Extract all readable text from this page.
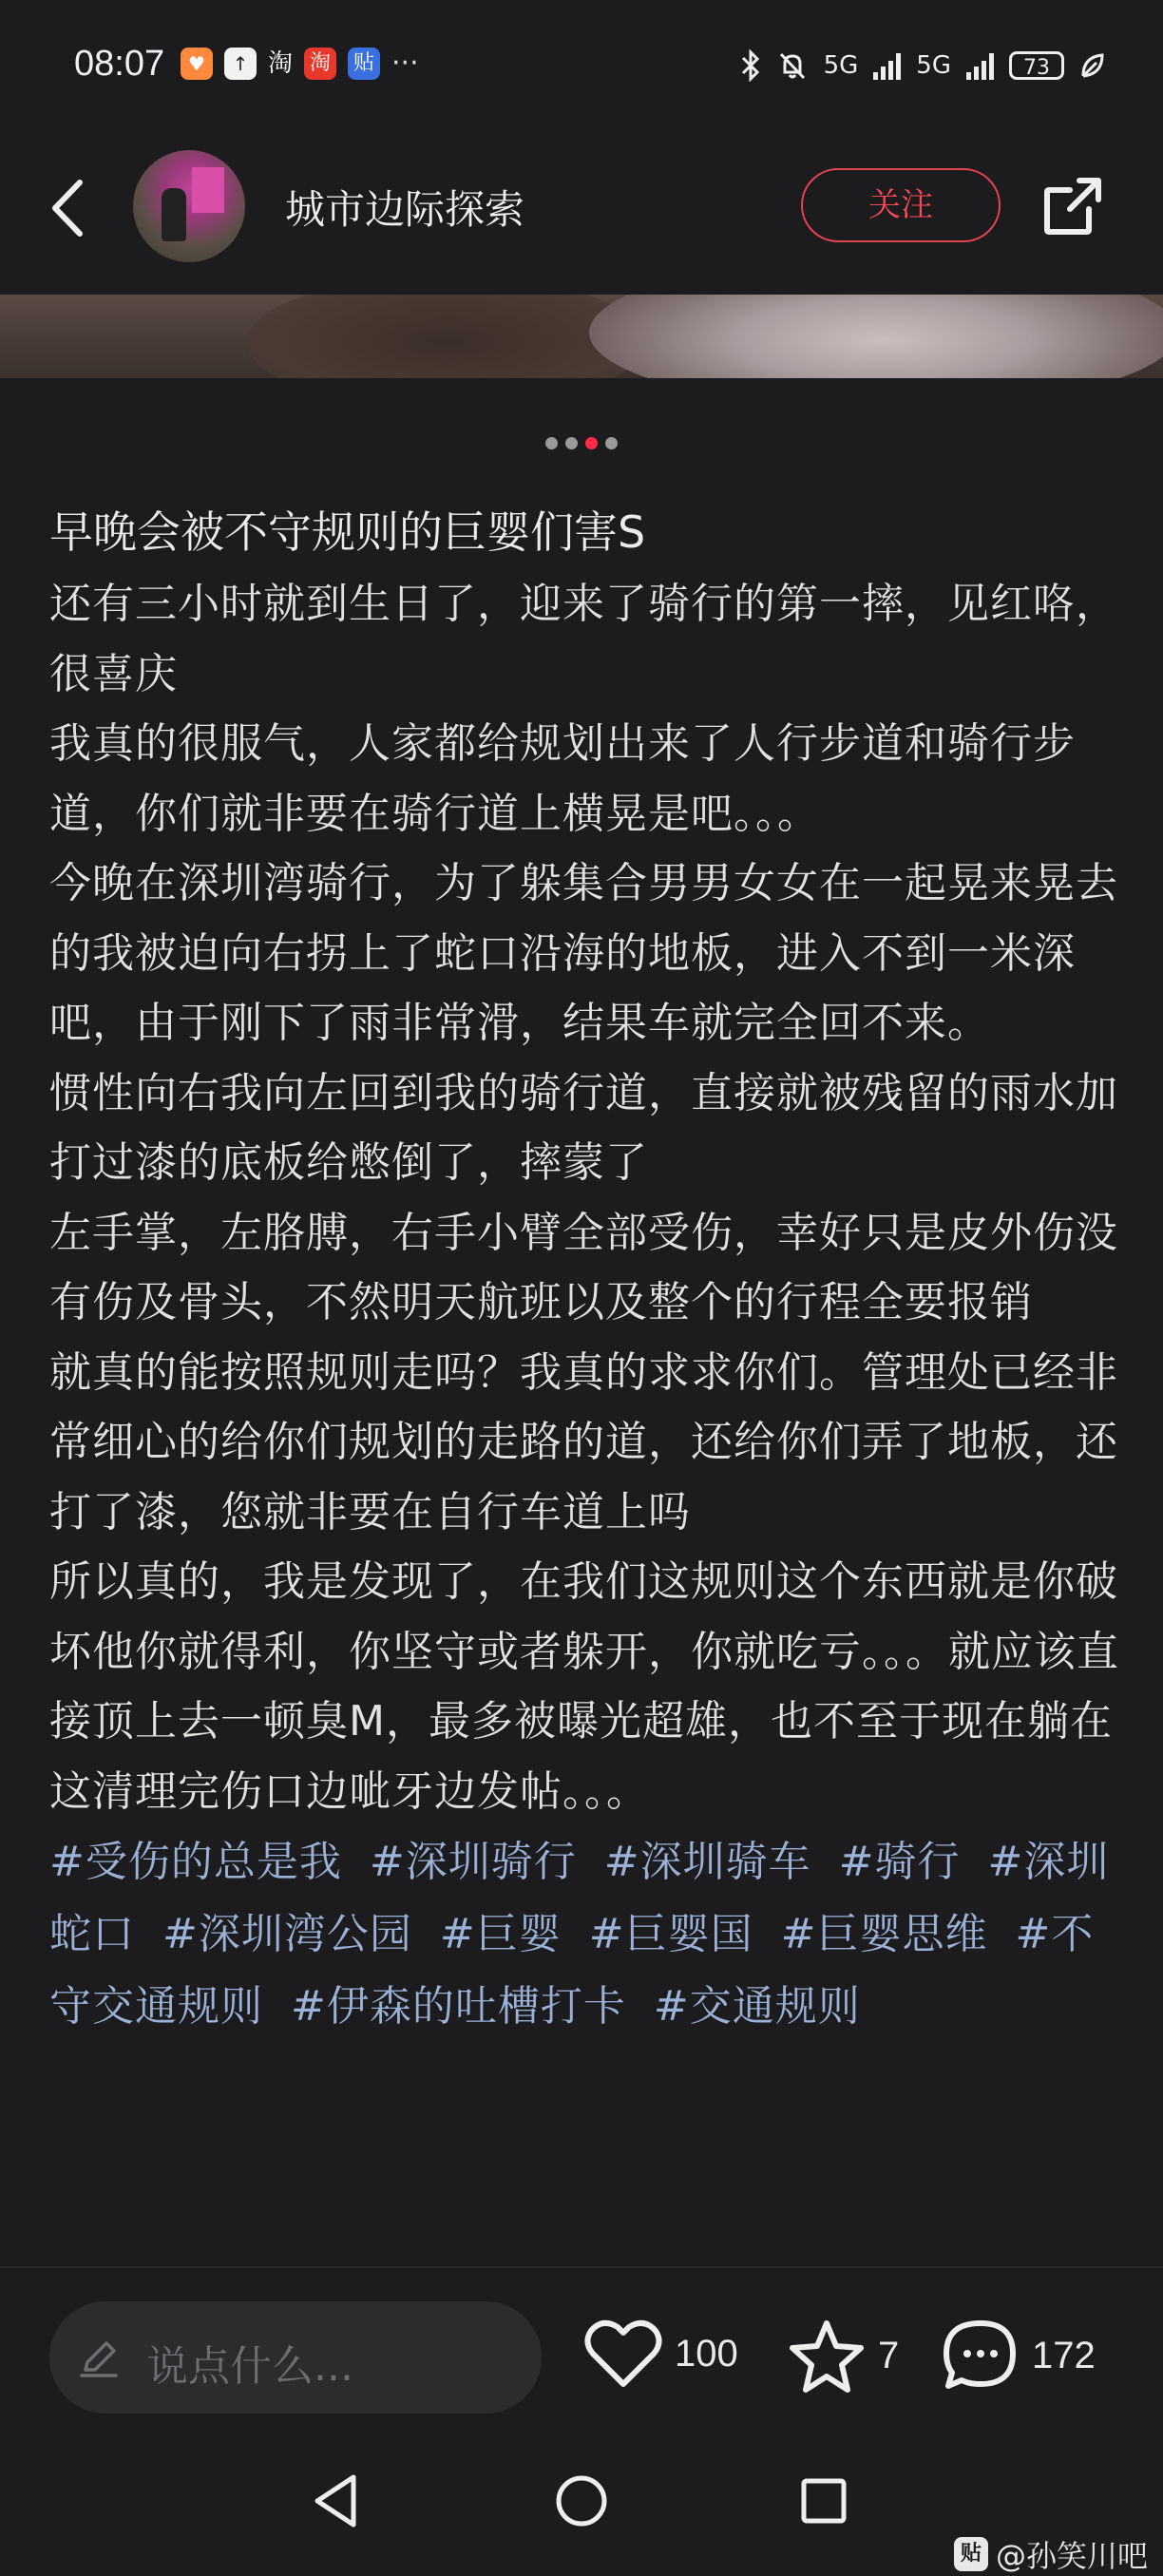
08:07	♥	↑ 淘 淘 贴 ···	5G 5G	73
城市边际探索	关注
早晚会被不守规则的巨婴们害S

还有三小时就到生日了，迎来了骑行的第一摔，见红咯，很喜庆

我真的很服气，人家都给规划出来了人行步道和骑行步道，你们就非要在骑行道上横晃是吧。。。

今晚在深圳湾骑行，为了躲集合男男女女在一起晃来晃去的我被迫向右拐上了蛇口沿海的地板，进入不到一米深吧，由于刚下了雨非常滑，结果车就完全回不来。

惯性向右我向左回到我的骑行道，直接就被残留的雨水加打过漆的底板给憋倒了，摔蒙了

左手掌，左胳膊，右手小臂全部受伤，幸好只是皮外伤没有伤及骨头，不然明天航班以及整个的行程全要报销

就真的能按照规则走吗？我真的求求你们。管理处已经非常细心的给你们规划的走路的道，还给你们弄了地板，还打了漆，您就非要在自行车道上吗

所以真的，我是发现了，在我们这规则这个东西就是你破坏他你就得利，你坚守或者躲开，你就吃亏。。。就应该直接顶上去一顿臭M，最多被曝光超雄，也不至于现在躺在这清理完伤口边呲牙边发帖。。。

#受伤的总是我 #深圳骑行 #深圳骑车 #骑行 #深圳蛇口 #深圳湾公园 #巨婴 #巨婴国 #巨婴思维 #不守交通规则 #伊森的吐槽打卡 #交通规则

说点什么...	100	7	172
贴 @孙笑川吧
